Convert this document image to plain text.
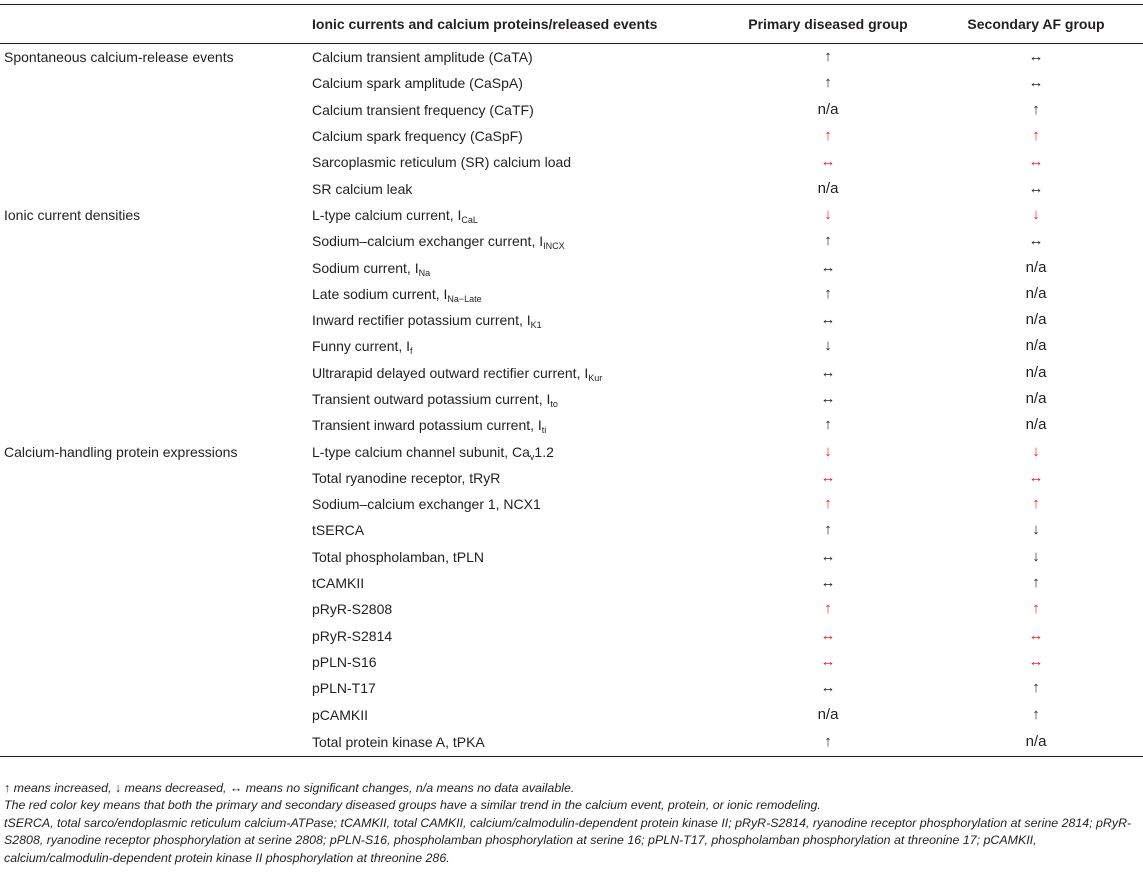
	Ionic currents and calcium proteins/released events	Primary diseased group	Secondary AF group
Spontaneous calcium-release events	Calcium transient amplitude (CaTA)	↑	↔
	Calcium spark amplitude (CaSpA)	↑	↔
	Calcium transient frequency (CaTF)	n/a	↑
	Calcium spark frequency (CaSpF)	↑	↑
	Sarcoplasmic reticulum (SR) calcium load	↔	↔
	SR calcium leak	n/a	↔
Ionic current densities	L-type calcium current, $I_{CaL}$	↓	↓
	Sodium–calcium exchanger current, $I_{INCX}$	↑	↔
	Sodium current, $I_{Na}$	↔	n/a
	Late sodium current, $I_{Na-Late}$	↑	n/a
	Inward rectifier potassium current, $I_{K1}$	↔	n/a
	Funny current, $I_f$	↓	n/a
	Ultrarapid delayed outward rectifier current, $I_{Kur}$	↔	n/a
	Transient outward potassium current, $I_{to}$	↔	n/a
	Transient inward potassium current, $I_{ti}$	↑	n/a
Calcium-handling protein expressions	L-type calcium channel subunit, $Ca_v1.2$	↓	↓
	Total ryanodine receptor, tRyR	↔	↔
	Sodium–calcium exchanger 1, NCX1	↑	↑
	tSERCA	↑	↓
	Total phospholamban, tPLN	↔	↓
	tCAMKII	↔	↑
	pRyR-S2808	↑	↑
	pRyR-S2814	↔	↔
	pPLN-S16	↔	↔
	pPLN-T17	↔	↑
	pCAMKII	n/a	↑
	Total protein kinase A, tPKA	↑	n/a

↑ means increased, ↓ means decreased, ↔ means no significant changes, n/a means no data available.

The red color key means that both the primary and secondary diseased groups have a similar trend in the calcium event, protein, or ionic remodeling.

tSERCA, total sarco/endoplasmic reticulum calcium-ATPase; tCAMKII, total CAMKII, calcium/calmodulin-dependent protein kinase II; pRyR-S2814, ryanodine receptor phosphorylation at serine 2814; pRyR-S2808, ryanodine receptor phosphorylation at serine 2808; pPLN-S16, phospholamban phosphorylation at serine 16; pPLN-T17, phospholamban phosphorylation at threonine 17; pCAMKII, calcium/calmodulin-dependent protein kinase II phosphorylation at threonine 286.
